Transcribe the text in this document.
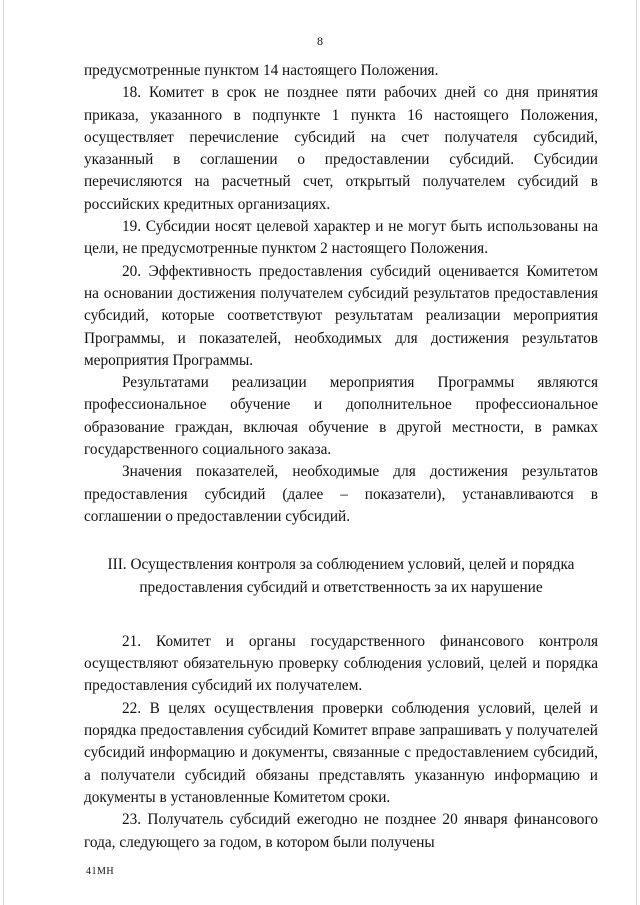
8

предусмотренные пунктом 14 настоящего Положения.

18. Комитет в срок не позднее пяти рабочих дней со дня принятия приказа, указанного в подпункте 1 пункта 16 настоящего Положения, осуществляет перечисление субсидий на счет получателя субсидий, указанный в соглашении о предоставлении субсидий. Субсидии перечисляются на расчетный счет, открытый получателем субсидий в российских кредитных организациях.

19. Субсидии носят целевой характер и не могут быть использованы на цели, не предусмотренные пунктом 2 настоящего Положения.

20. Эффективность предоставления субсидий оценивается Комитетом на основании достижения получателем субсидий результатов предоставления субсидий, которые соответствуют результатам реализации мероприятия Программы, и показателей, необходимых для достижения результатов мероприятия Программы.

Результатами реализации мероприятия Программы являются профессиональное обучение и дополнительное профессиональное образование граждан, включая обучение в другой местности, в рамках государственного социального заказа.

Значения показателей, необходимые для достижения результатов предоставления субсидий (далее – показатели), устанавливаются в соглашении о предоставлении субсидий.

III. Осуществления контроля за соблюдением условий, целей и порядка
предоставления субсидий и ответственность за их нарушение

21. Комитет и органы государственного финансового контроля осуществляют обязательную проверку соблюдения условий, целей и порядка предоставления субсидий их получателем.

22. В целях осуществления проверки соблюдения условий, целей и порядка предоставления субсидий Комитет вправе запрашивать у получателей субсидий информацию и документы, связанные с предоставлением субсидий, а получатели субсидий обязаны представлять указанную информацию и документы в установленные Комитетом сроки.

23. Получатель субсидий ежегодно не позднее 20 января финансового года, следующего за годом, в котором были получены

41МН
